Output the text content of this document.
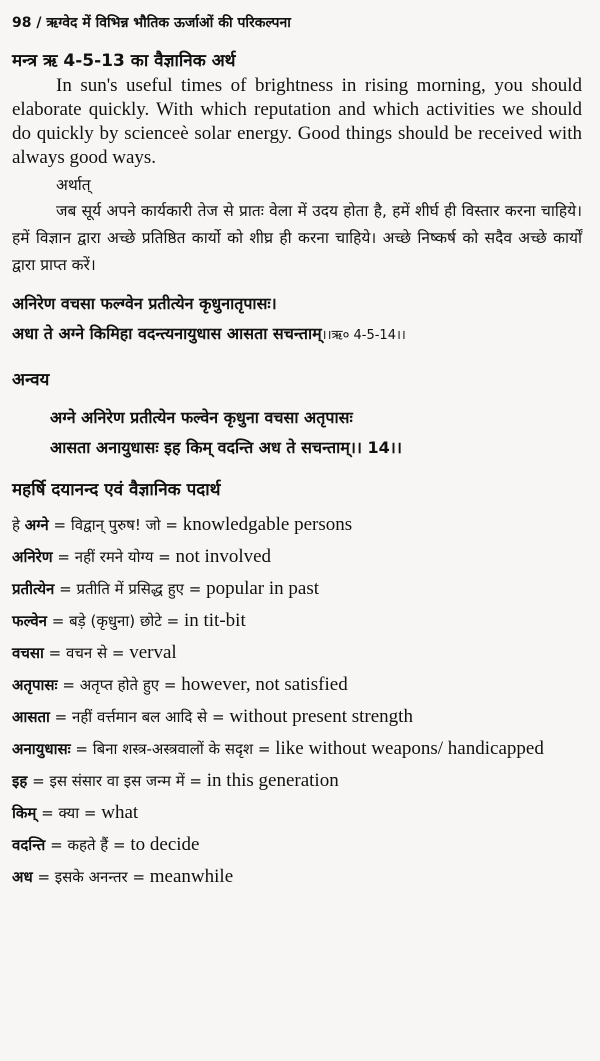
98 / ऋग्वेद में विभिन्न भौतिक ऊर्जाओं की परिकल्पना
मन्त्र ऋ 4-5-13 का वैज्ञानिक अर्थ

In sun's useful times of brightness in rising morning, you should elaborate quickly. With which reputation and which activities we should do quickly by scienceè solar energy. Good things should be received with always good ways.

अर्थात्

जब सूर्य अपने कार्यकारी तेज से प्रातः वेला में उदय होता है, हमें शीर्घ ही विस्तार करना चाहिये। हमें विज्ञान द्वारा अच्छे प्रतिष्ठित कार्यो को शीघ्र ही करना चाहिये। अच्छे निष्कर्ष को सदैव अच्छे कार्यों द्वारा प्राप्त करें।

अनिरेण वचसा फल्ग्वेन प्रतीत्येन कृधुनातृपासः।

अधा ते अग्ने किमिहा वदन्त्यनायुधास आसता सचन्ताम्।।ऋ० 4-5-14।।

अन्वय

अग्ने अनिरेण प्रतीत्येन फल्वेन कृधुना वचसा अतृपासः

आसता अनायुधासः इह किम् वदन्ति अध ते सचन्ताम्।। 14।।

महर्षि दयानन्द एवं वैज्ञानिक पदार्थ

हे अग्ने = विद्वान् पुरुष! जो = knowledgable persons

अनिरेण = नहीं रमने योग्य = not involved

प्रतीत्येन = प्रतीति में प्रसिद्ध हुए = popular in past

फल्वेन = बड़े (कृधुना) छोटे = in tit-bit

वचसा = वचन से = verval

अतृपासः = अतृप्त होते हुए = however, not satisfied

आसता = नहीं वर्त्तमान बल आदि से = without present strength

अनायुधासः = बिना शस्त्र-अस्त्रवालों के सदृश = like without weapons/ handicapped

इह = इस संसार वा इस जन्म में = in this generation

किम् = क्या = what

वदन्ति = कहते हैं = to decide

अध = इसके अनन्तर = meanwhile
